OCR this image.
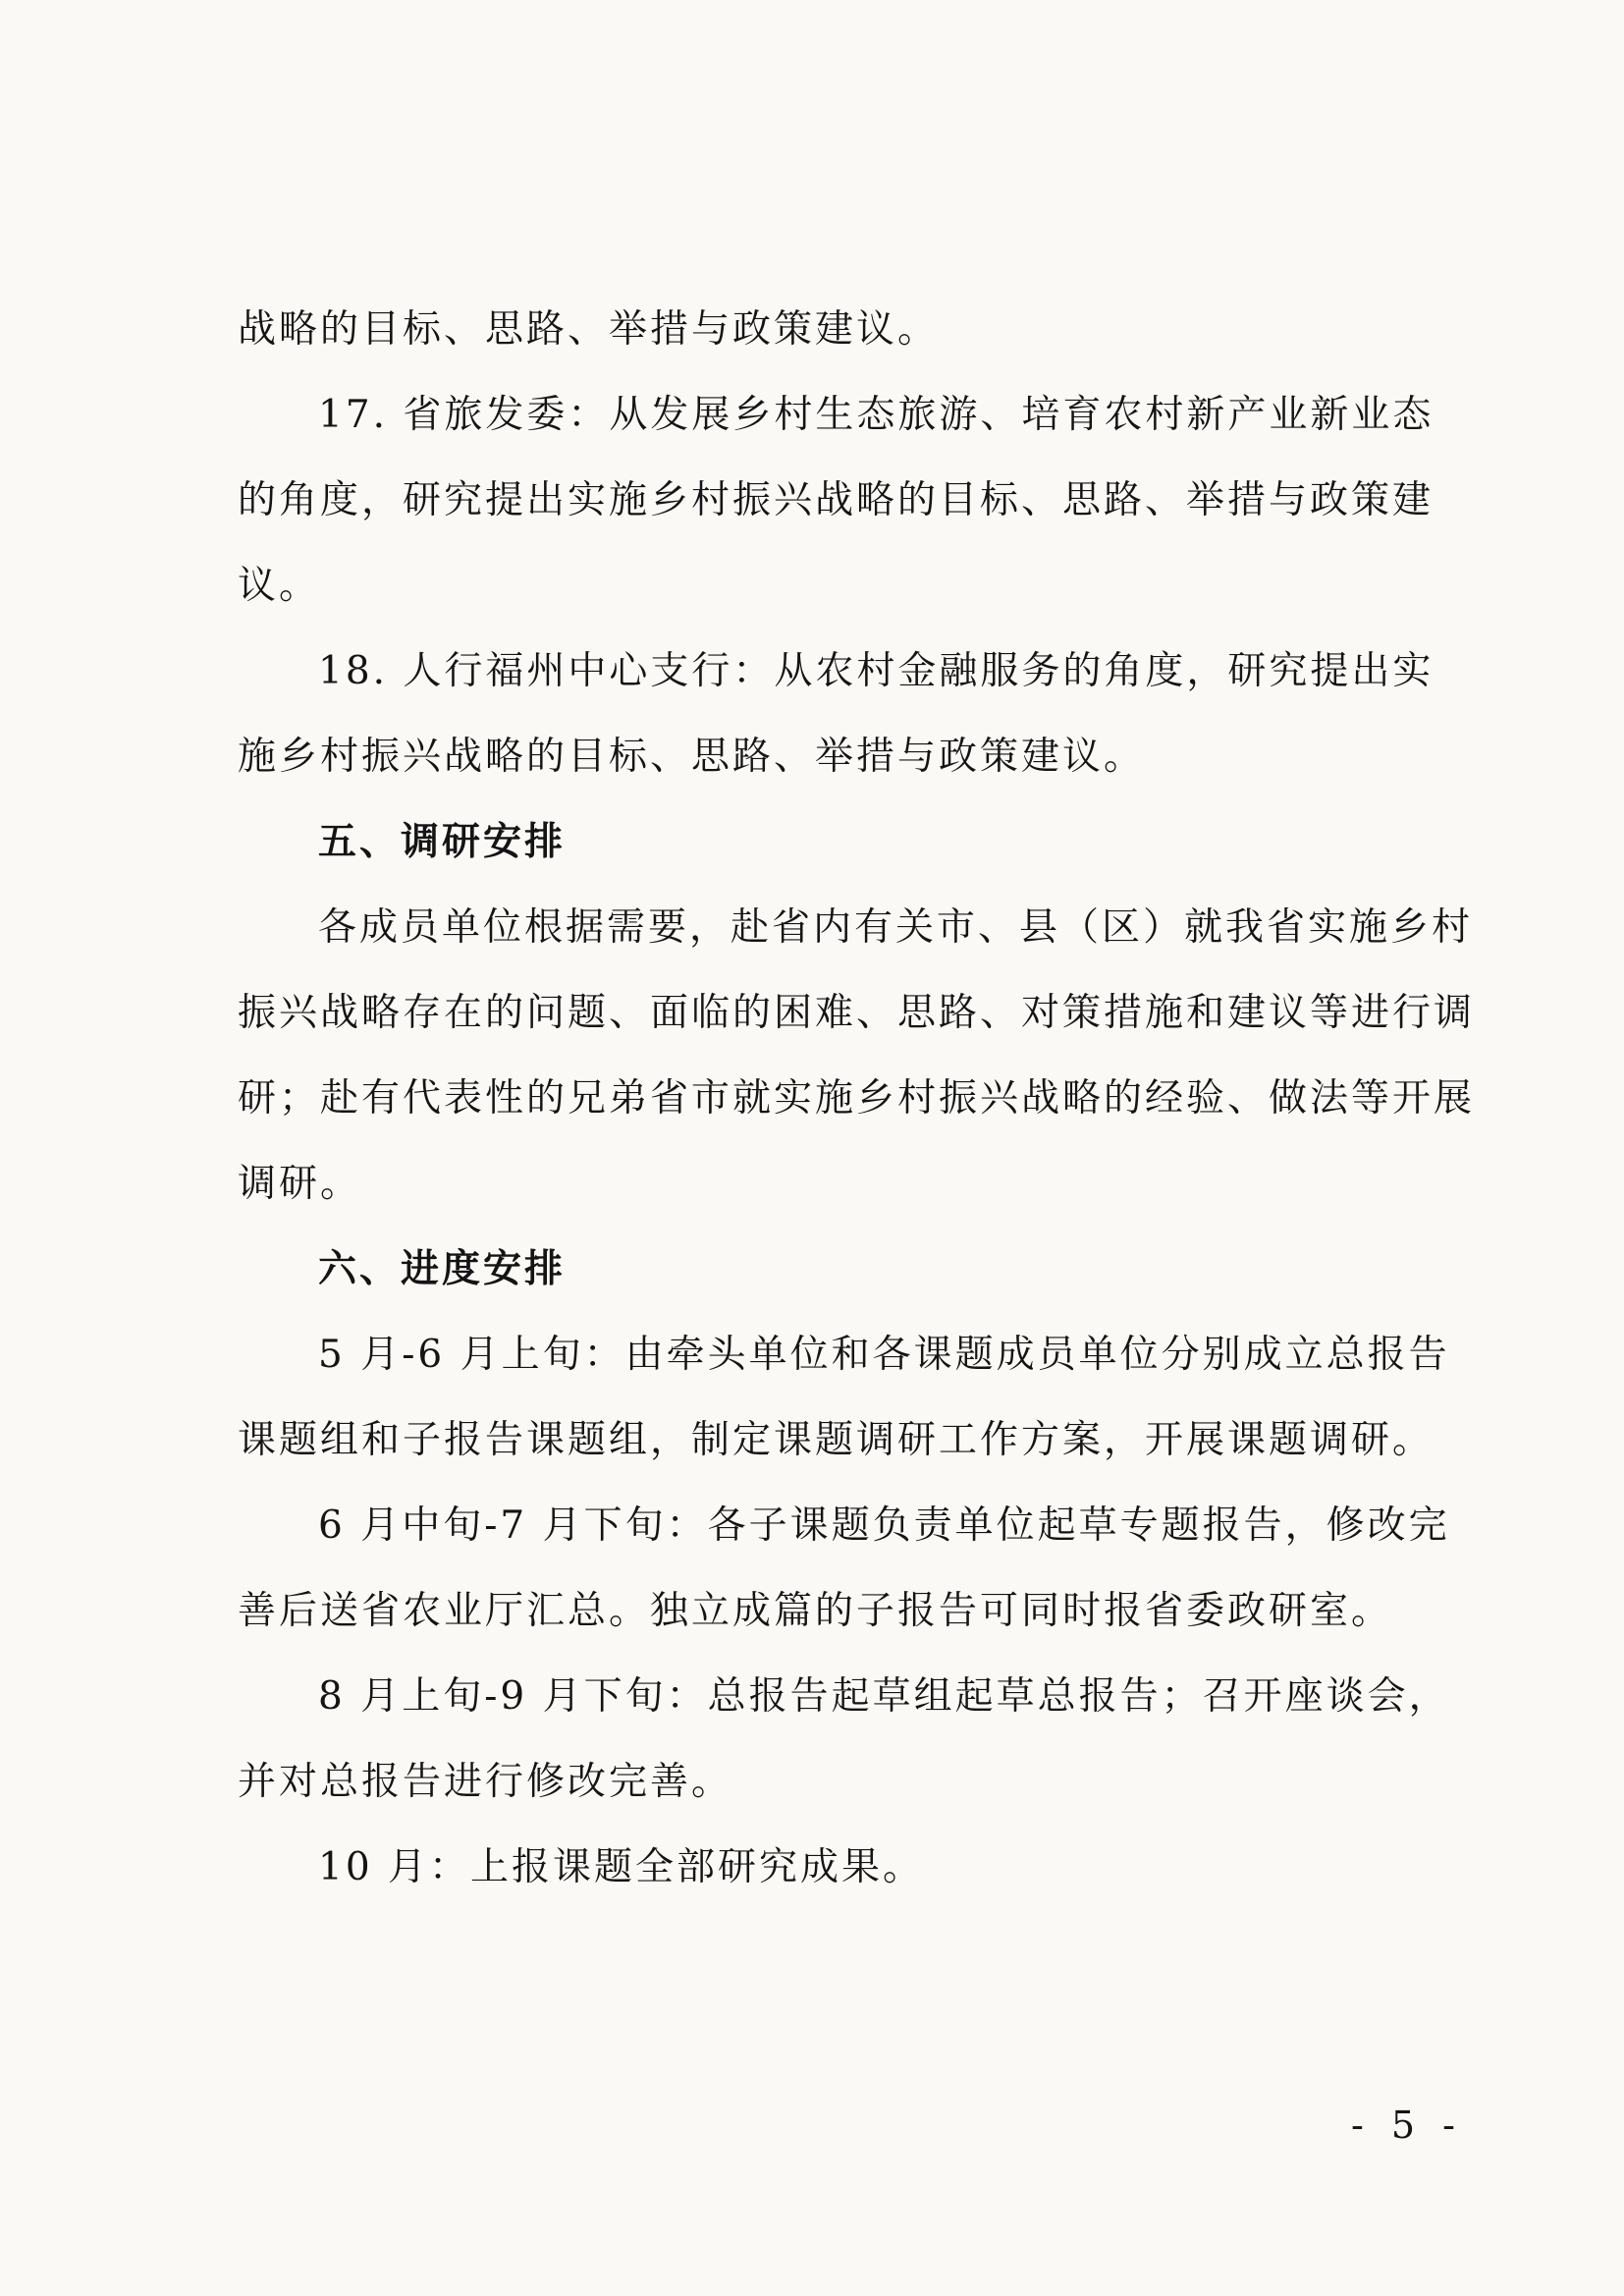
战略的目标、思路、举措与政策建议。

17. 省旅发委：从发展乡村生态旅游、培育农村新产业新业态的角度，研究提出实施乡村振兴战略的目标、思路、举措与政策建议。

18. 人行福州中心支行：从农村金融服务的角度，研究提出实施乡村振兴战略的目标、思路、举措与政策建议。

五、调研安排

各成员单位根据需要，赴省内有关市、县（区）就我省实施乡村振兴战略存在的问题、面临的困难、思路、对策措施和建议等进行调研；赴有代表性的兄弟省市就实施乡村振兴战略的经验、做法等开展调研。

六、进度安排

5 月-6 月上旬：由牵头单位和各课题成员单位分别成立总报告课题组和子报告课题组，制定课题调研工作方案，开展课题调研。

6 月中旬-7 月下旬：各子课题负责单位起草专题报告，修改完善后送省农业厅汇总。独立成篇的子报告可同时报省委政研室。

8 月上旬-9 月下旬：总报告起草组起草总报告；召开座谈会，并对总报告进行修改完善。

10 月：上报课题全部研究成果。

- 5 -
